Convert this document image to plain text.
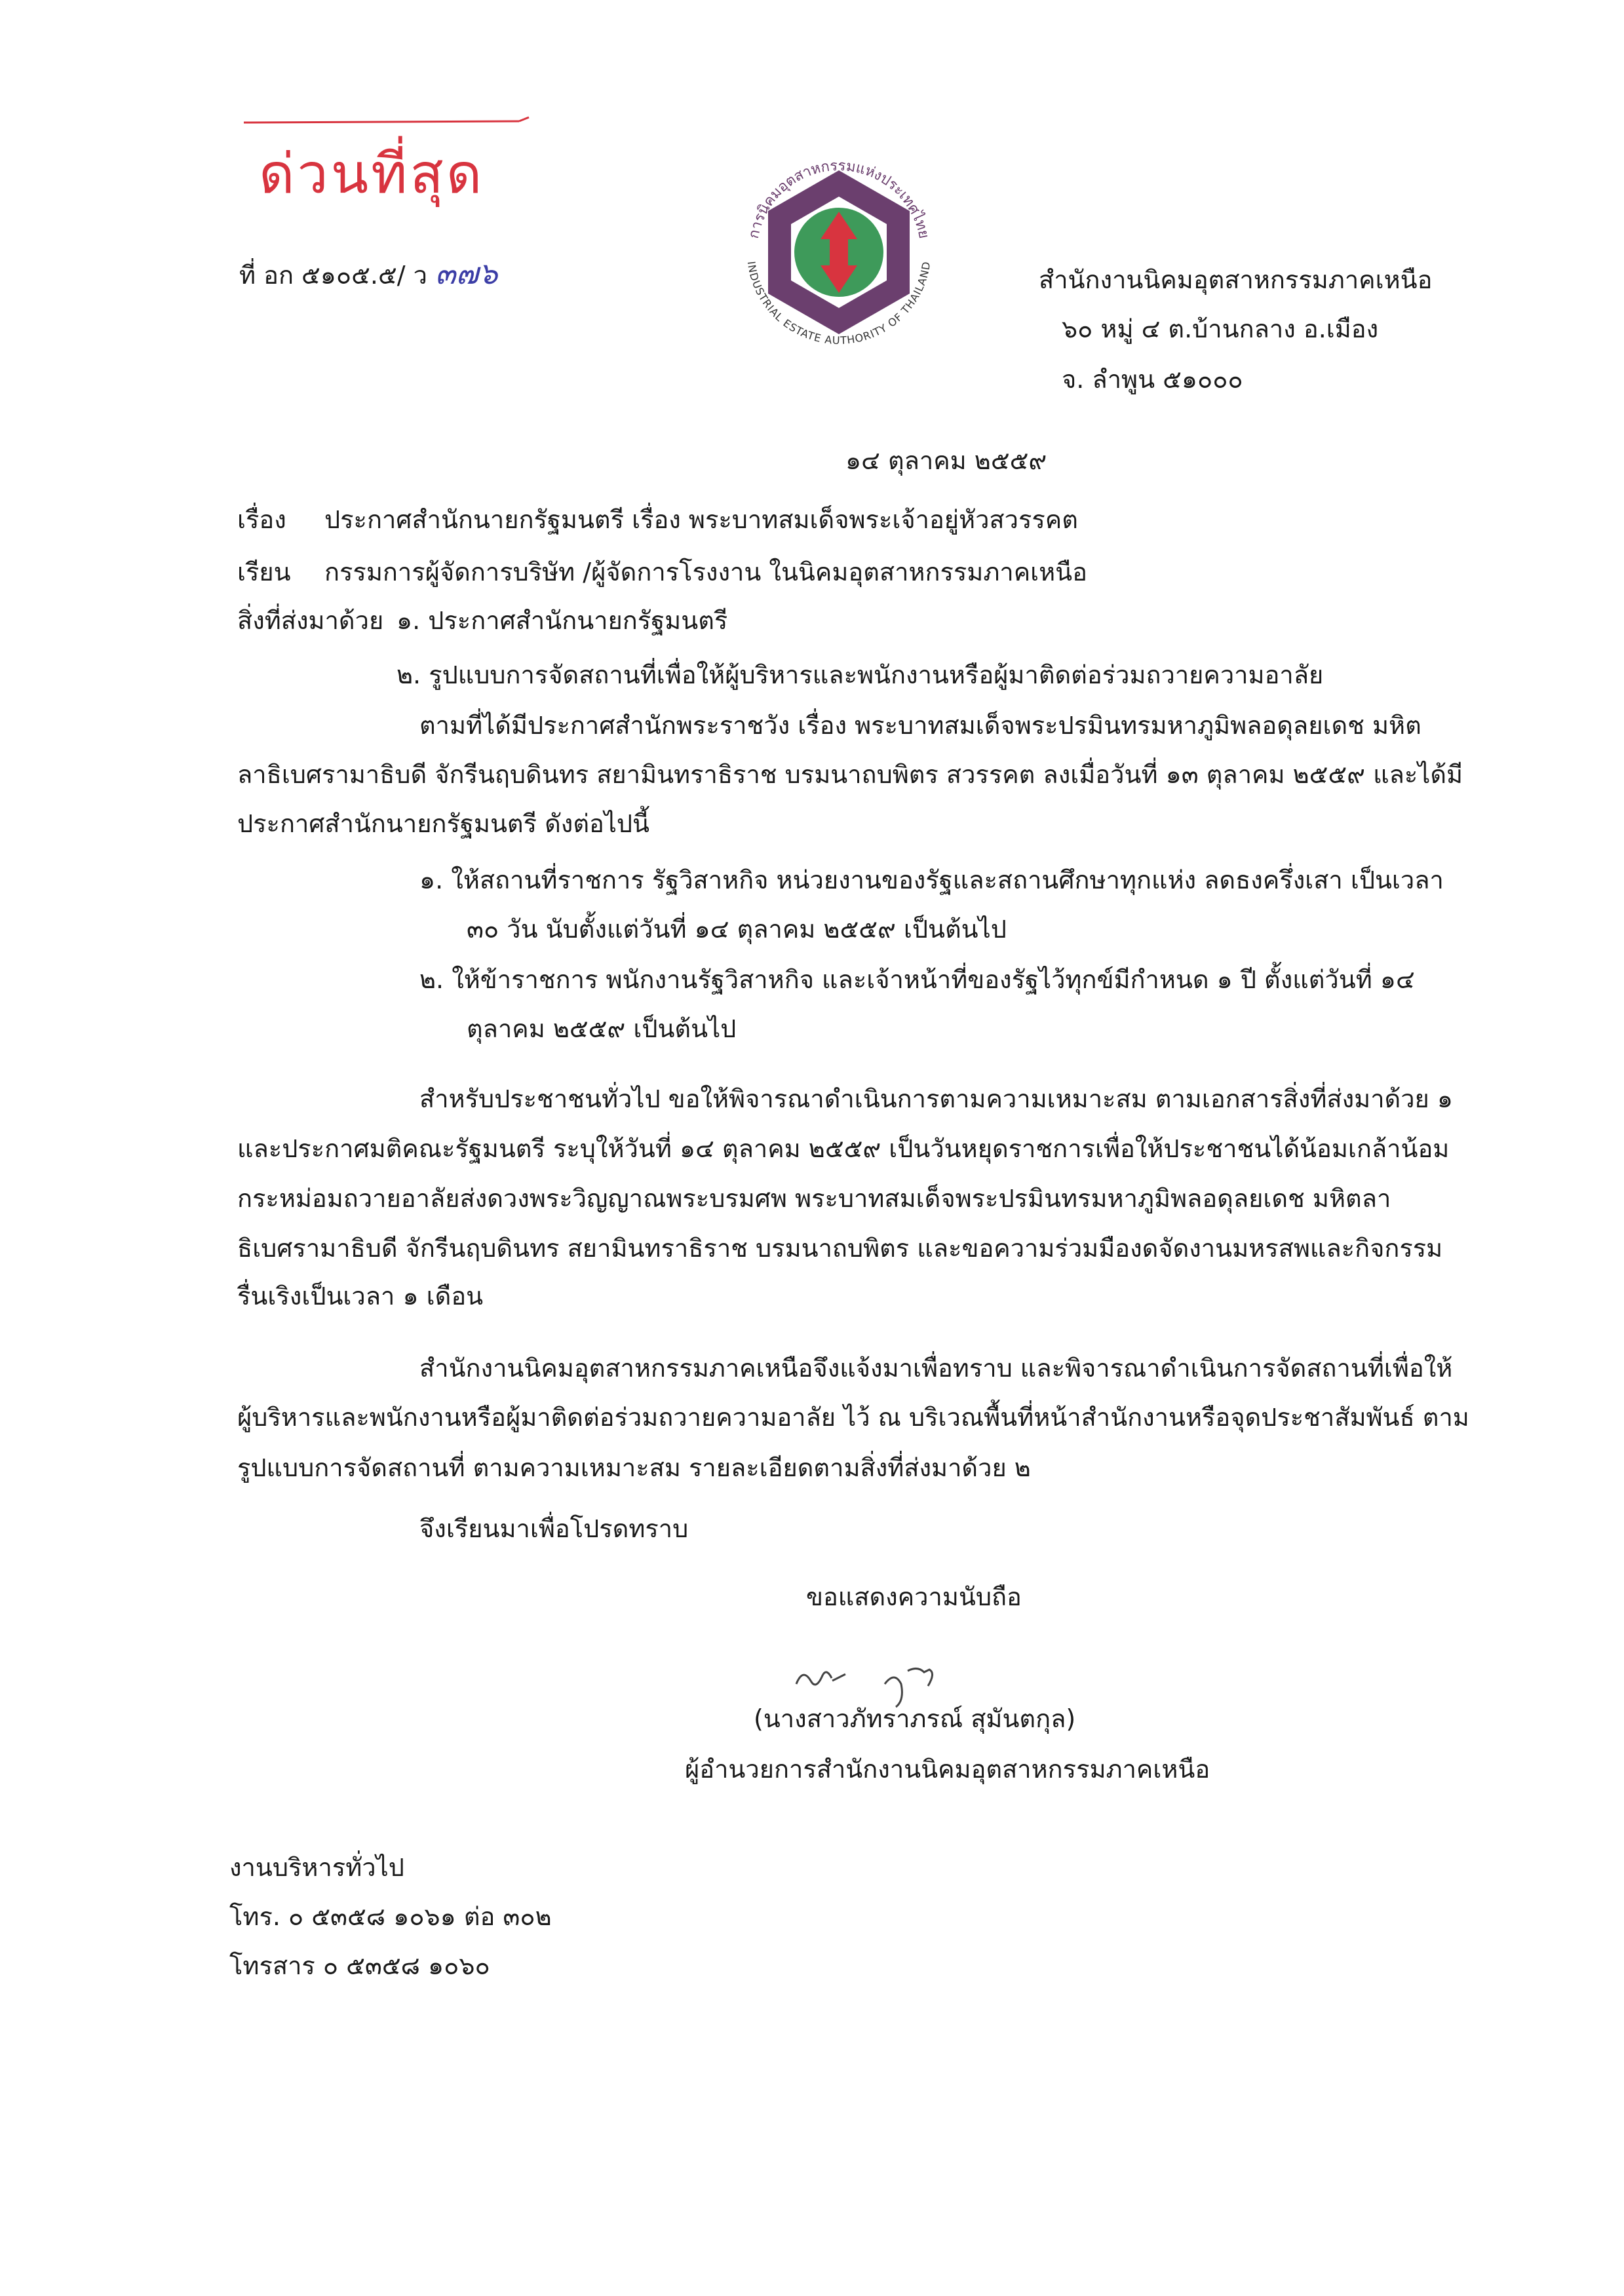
ด่วนที่สุด
ที่ อก ๕๑๐๕.๕/ ว ๓๗๖
การนิคมอุตสาหกรรมแห่งประเทศไทย
INDUSTRIAL ESTATE AUTHORITY OF THAILAND	สำนักงานนิคมอุตสาหกรรมภาคเหนือ
๖๐ หมู่ ๔ ต.บ้านกลาง อ.เมือง
จ. ลำพูน ๕๑๐๐๐
๑๔ ตุลาคม ๒๕๕๙
เรื่อง ประกาศสำนักนายกรัฐมนตรี เรื่อง พระบาทสมเด็จพระเจ้าอยู่หัวสวรรคต
เรียน กรรมการผู้จัดการบริษัท /ผู้จัดการโรงงาน ในนิคมอุตสาหกรรมภาคเหนือ
สิ่งที่ส่งมาด้วย ๑. ประกาศสำนักนายกรัฐมนตรี
๒. รูปแบบการจัดสถานที่เพื่อให้ผู้บริหารและพนักงานหรือผู้มาติดต่อร่วมถวายความอาลัย
ตามที่ได้มีประกาศสำนักพระราชวัง เรื่อง พระบาทสมเด็จพระปรมินทรมหาภูมิพลอดุลยเดช มหิต
ลาธิเบศรามาธิบดี จักรีนฤบดินทร สยามินทราธิราช บรมนาถบพิตร สวรรคต ลงเมื่อวันที่ ๑๓ ตุลาคม ๒๕๕๙ และได้มี
ประกาศสำนักนายกรัฐมนตรี ดังต่อไปนี้
๑. ให้สถานที่ราชการ รัฐวิสาหกิจ หน่วยงานของรัฐและสถานศึกษาทุกแห่ง ลดธงครึ่งเสา เป็นเวลา
๓๐ วัน นับตั้งแต่วันที่ ๑๔ ตุลาคม ๒๕๕๙ เป็นต้นไป
๒. ให้ข้าราชการ พนักงานรัฐวิสาหกิจ และเจ้าหน้าที่ของรัฐไว้ทุกข์มีกำหนด ๑ ปี ตั้งแต่วันที่ ๑๔
ตุลาคม ๒๕๕๙ เป็นต้นไป
สำหรับประชาชนทั่วไป ขอให้พิจารณาดำเนินการตามความเหมาะสม ตามเอกสารสิ่งที่ส่งมาด้วย ๑
และประกาศมติคณะรัฐมนตรี ระบุให้วันที่ ๑๔ ตุลาคม ๒๕๕๙ เป็นวันหยุดราชการเพื่อให้ประชาชนได้น้อมเกล้าน้อม
กระหม่อมถวายอาลัยส่งดวงพระวิญญาณพระบรมศพ พระบาทสมเด็จพระปรมินทรมหาภูมิพลอดุลยเดช มหิตลา
ธิเบศรามาธิบดี จักรีนฤบดินทร สยามินทราธิราช บรมนาถบพิตร และขอความร่วมมืองดจัดงานมหรสพและกิจกรรม
รื่นเริงเป็นเวลา ๑ เดือน
สำนักงานนิคมอุตสาหกรรมภาคเหนือจึงแจ้งมาเพื่อทราบ และพิจารณาดำเนินการจัดสถานที่เพื่อให้
ผู้บริหารและพนักงานหรือผู้มาติดต่อร่วมถวายความอาลัย ไว้ ณ บริเวณพื้นที่หน้าสำนักงานหรือจุดประชาสัมพันธ์ ตาม
รูปแบบการจัดสถานที่ ตามความเหมาะสม รายละเอียดตามสิ่งที่ส่งมาด้วย ๒
จึงเรียนมาเพื่อโปรดทราบ
ขอแสดงความนับถือ
(นางสาวภัทราภรณ์ สุมันตกุล)
ผู้อำนวยการสำนักงานนิคมอุตสาหกรรมภาคเหนือ
งานบริหารทั่วไป
โทร. ๐ ๕๓๕๘ ๑๐๖๑ ต่อ ๓๐๒
โทรสาร ๐ ๕๓๕๘ ๑๐๖๐
